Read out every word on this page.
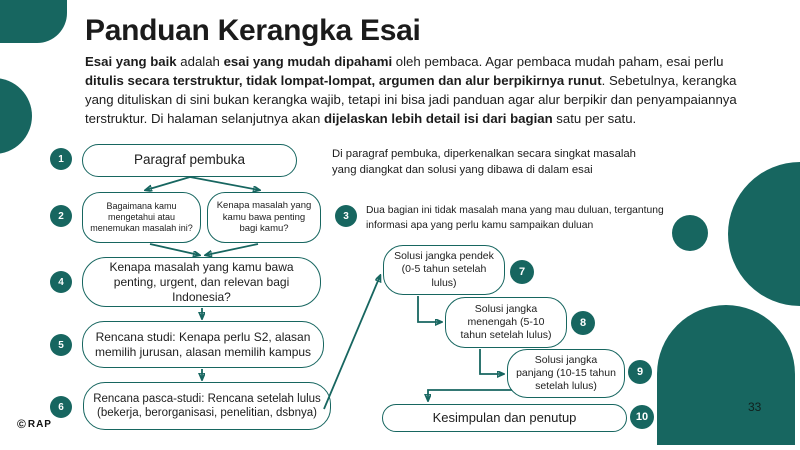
Panduan Kerangka Esai
Esai yang baik adalah esai yang mudah dipahami oleh pembaca. Agar pembaca mudah paham, esai perlu ditulis secara terstruktur, tidak lompat-lompat, argumen dan alur berpikirnya runut. Sebetulnya, kerangka yang dituliskan di sini bukan kerangka wajib, tetapi ini bisa jadi panduan agar alur berpikir dan penyampaiannya terstruktur. Di halaman selanjutnya akan dijelaskan lebih detail isi dari bagian satu per satu.
Paragraf pembuka
Bagaimana kamu mengetahui atau menemukan masalah ini?
Kenapa masalah yang kamu bawa penting bagi kamu?
Kenapa masalah yang kamu bawa penting, urgent, dan relevan bagi Indonesia?
Rencana studi: Kenapa perlu S2, alasan memilih jurusan, alasan memilih kampus
Rencana pasca-studi: Rencana setelah lulus (bekerja, berorganisasi, penelitian, dsbnya)
Solusi jangka pendek (0-5 tahun setelah lulus)
Solusi jangka menengah (5-10 tahun setelah lulus)
Solusi jangka panjang (10-15 tahun setelah lulus)
Kesimpulan dan penutup
1
2	3
4
5
6
7
8
9
10
Di paragraf pembuka, diperkenalkan secara singkat masalah yang diangkat dan solusi yang dibawa di dalam esai
Dua bagian ini tidak masalah mana yang mau duluan, tergantung informasi apa yang perlu kamu sampaikan duluan
33
© RAP
